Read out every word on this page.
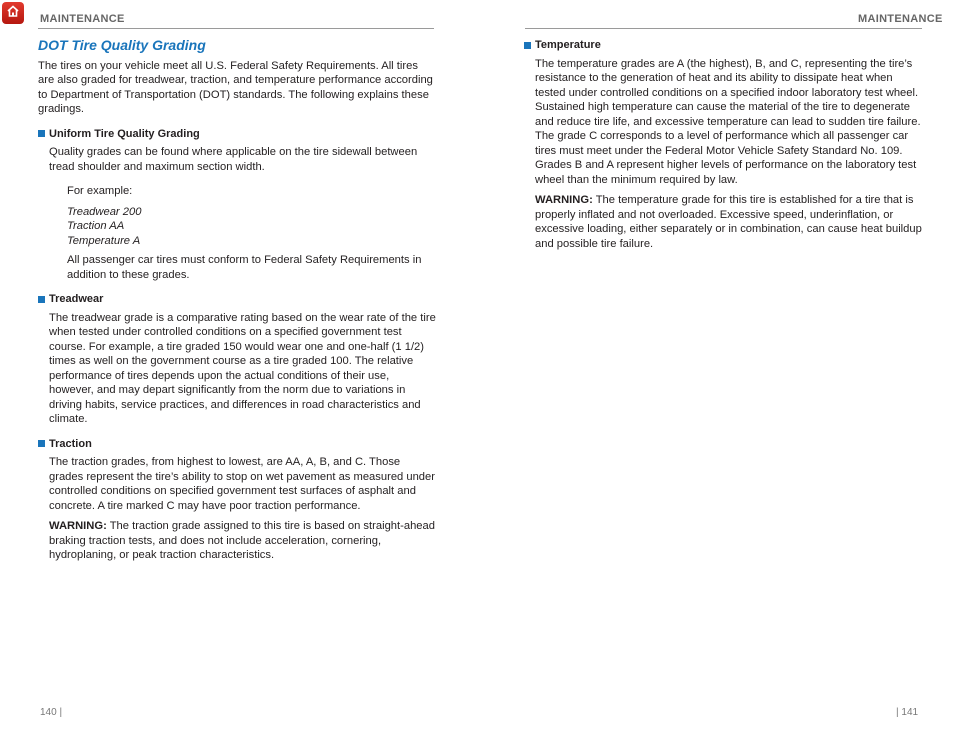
MAINTENANCE	MAINTENANCE
DOT Tire Quality Grading

The tires on your vehicle meet all U.S. Federal Safety Requirements. All tires are also graded for treadwear, traction, and temperature performance according to Department of Transportation (DOT) standards. The following explains these gradings.

Uniform Tire Quality Grading

Quality grades can be found where applicable on the tire sidewall between tread shoulder and maximum section width.

For example:

Treadwear 200

Traction AA

Temperature A

All passenger car tires must conform to Federal Safety Requirements in addition to these grades.

Treadwear

The treadwear grade is a comparative rating based on the wear rate of the tire when tested under controlled conditions on a specified government test course. For example, a tire graded 150 would wear one and one-half (1 1/2) times as well on the government course as a tire graded 100. The relative performance of tires depends upon the actual conditions of their use, however, and may depart significantly from the norm due to variations in driving habits, service practices, and differences in road characteristics and climate.

Traction

The traction grades, from highest to lowest, are AA, A, B, and C. Those grades represent the tire’s ability to stop on wet pavement as measured under controlled conditions on specified government test surfaces of asphalt and concrete. A tire marked C may have poor traction performance.

WARNING: The traction grade assigned to this tire is based on straight-ahead braking traction tests, and does not include acceleration, cornering, hydroplaning, or peak traction characteristics.

Temperature

The temperature grades are A (the highest), B, and C, representing the tire’s resistance to the generation of heat and its ability to dissipate heat when tested under controlled conditions on a specified indoor laboratory test wheel. Sustained high temperature can cause the material of the tire to degenerate and reduce tire life, and excessive temperature can lead to sudden tire failure. The grade C corresponds to a level of performance which all passenger car tires must meet under the Federal Motor Vehicle Safety Standard No. 109. Grades B and A represent higher levels of performance on the laboratory test wheel than the minimum required by law.

WARNING: The temperature grade for this tire is established for a tire that is properly inflated and not overloaded. Excessive speed, underinflation, or excessive loading, either separately or in combination, can cause heat buildup and possible tire failure.

140 |	| 141
